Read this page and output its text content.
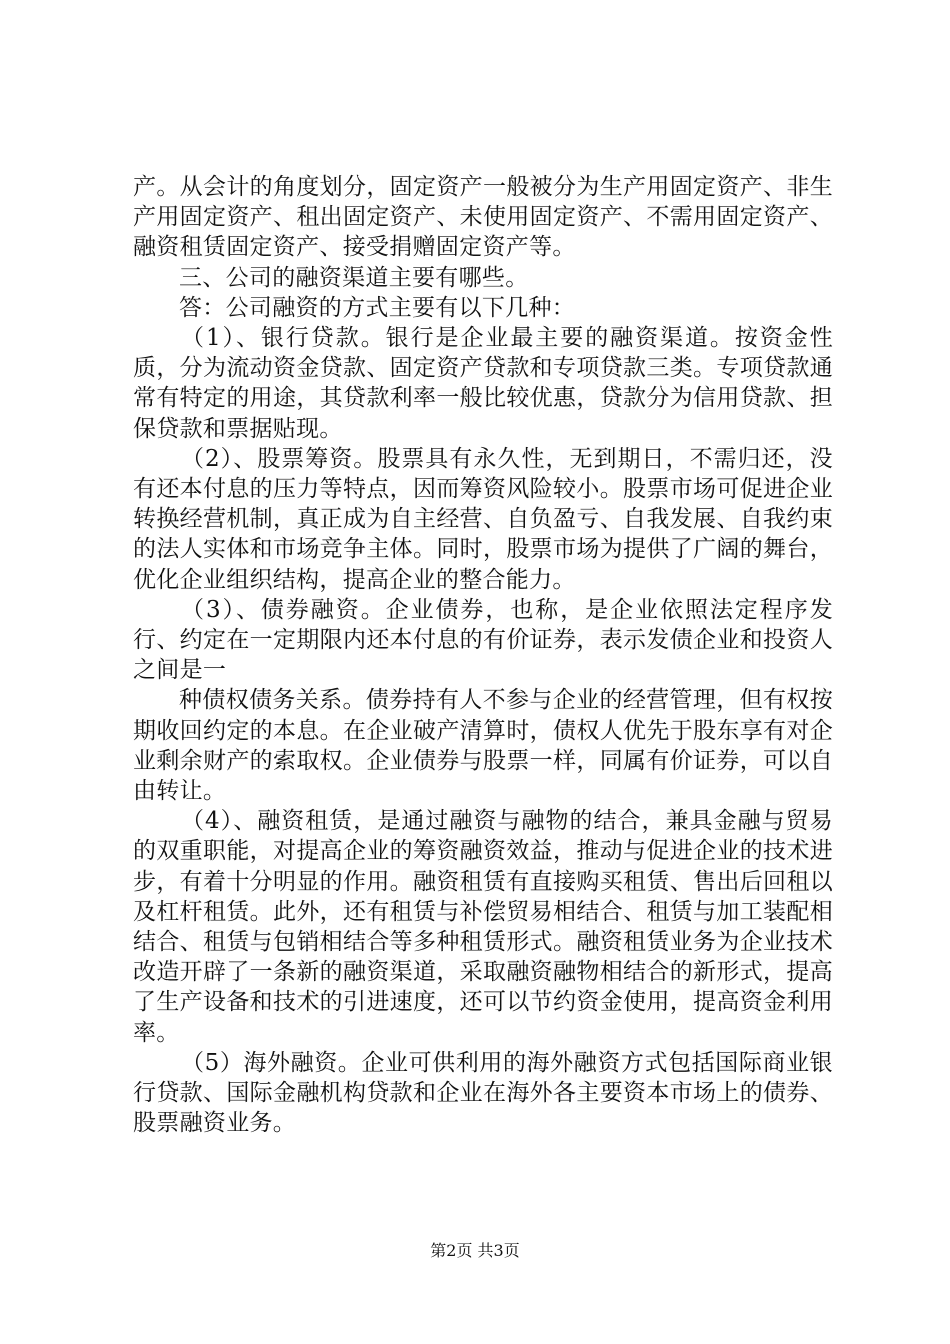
产。从会计的角度划分，固定资产一般被分为生产用固定资产、非生产用固定资产、租出固定资产、未使用固定资产、不需用固定资产、融资租赁固定资产、接受捐赠固定资产等。

三、公司的融资渠道主要有哪些。

答：公司融资的方式主要有以下几种：

（1）、银行贷款。银行是企业最主要的融资渠道。按资金性质，分为流动资金贷款、固定资产贷款和专项贷款三类。专项贷款通常有特定的用途，其贷款利率一般比较优惠，贷款分为信用贷款、担保贷款和票据贴现。

（2）、股票筹资。股票具有永久性，无到期日，不需归还，没有还本付息的压力等特点，因而筹资风险较小。股票市场可促进企业转换经营机制，真正成为自主经营、自负盈亏、自我发展、自我约束的法人实体和市场竞争主体。同时，股票市场为提供了广阔的舞台，优化企业组织结构，提高企业的整合能力。

（3）、债券融资。企业债券，也称，是企业依照法定程序发行、约定在一定期限内还本付息的有价证券，表示发债企业和投资人之间是一

种债权债务关系。债券持有人不参与企业的经营管理，但有权按期收回约定的本息。在企业破产清算时，债权人优先于股东享有对企业剩余财产的索取权。企业债券与股票一样，同属有价证券，可以自由转让。

（4）、融资租赁，是通过融资与融物的结合，兼具金融与贸易的双重职能，对提高企业的筹资融资效益，推动与促进企业的技术进步，有着十分明显的作用。融资租赁有直接购买租赁、售出后回租以及杠杆租赁。此外，还有租赁与补偿贸易相结合、租赁与加工装配相结合、租赁与包销相结合等多种租赁形式。融资租赁业务为企业技术改造开辟了一条新的融资渠道，采取融资融物相结合的新形式，提高了生产设备和技术的引进速度，还可以节约资金使用，提高资金利用率。

（5）海外融资。企业可供利用的海外融资方式包括国际商业银行贷款、国际金融机构贷款和企业在海外各主要资本市场上的债券、股票融资业务。

第2页 共3页
